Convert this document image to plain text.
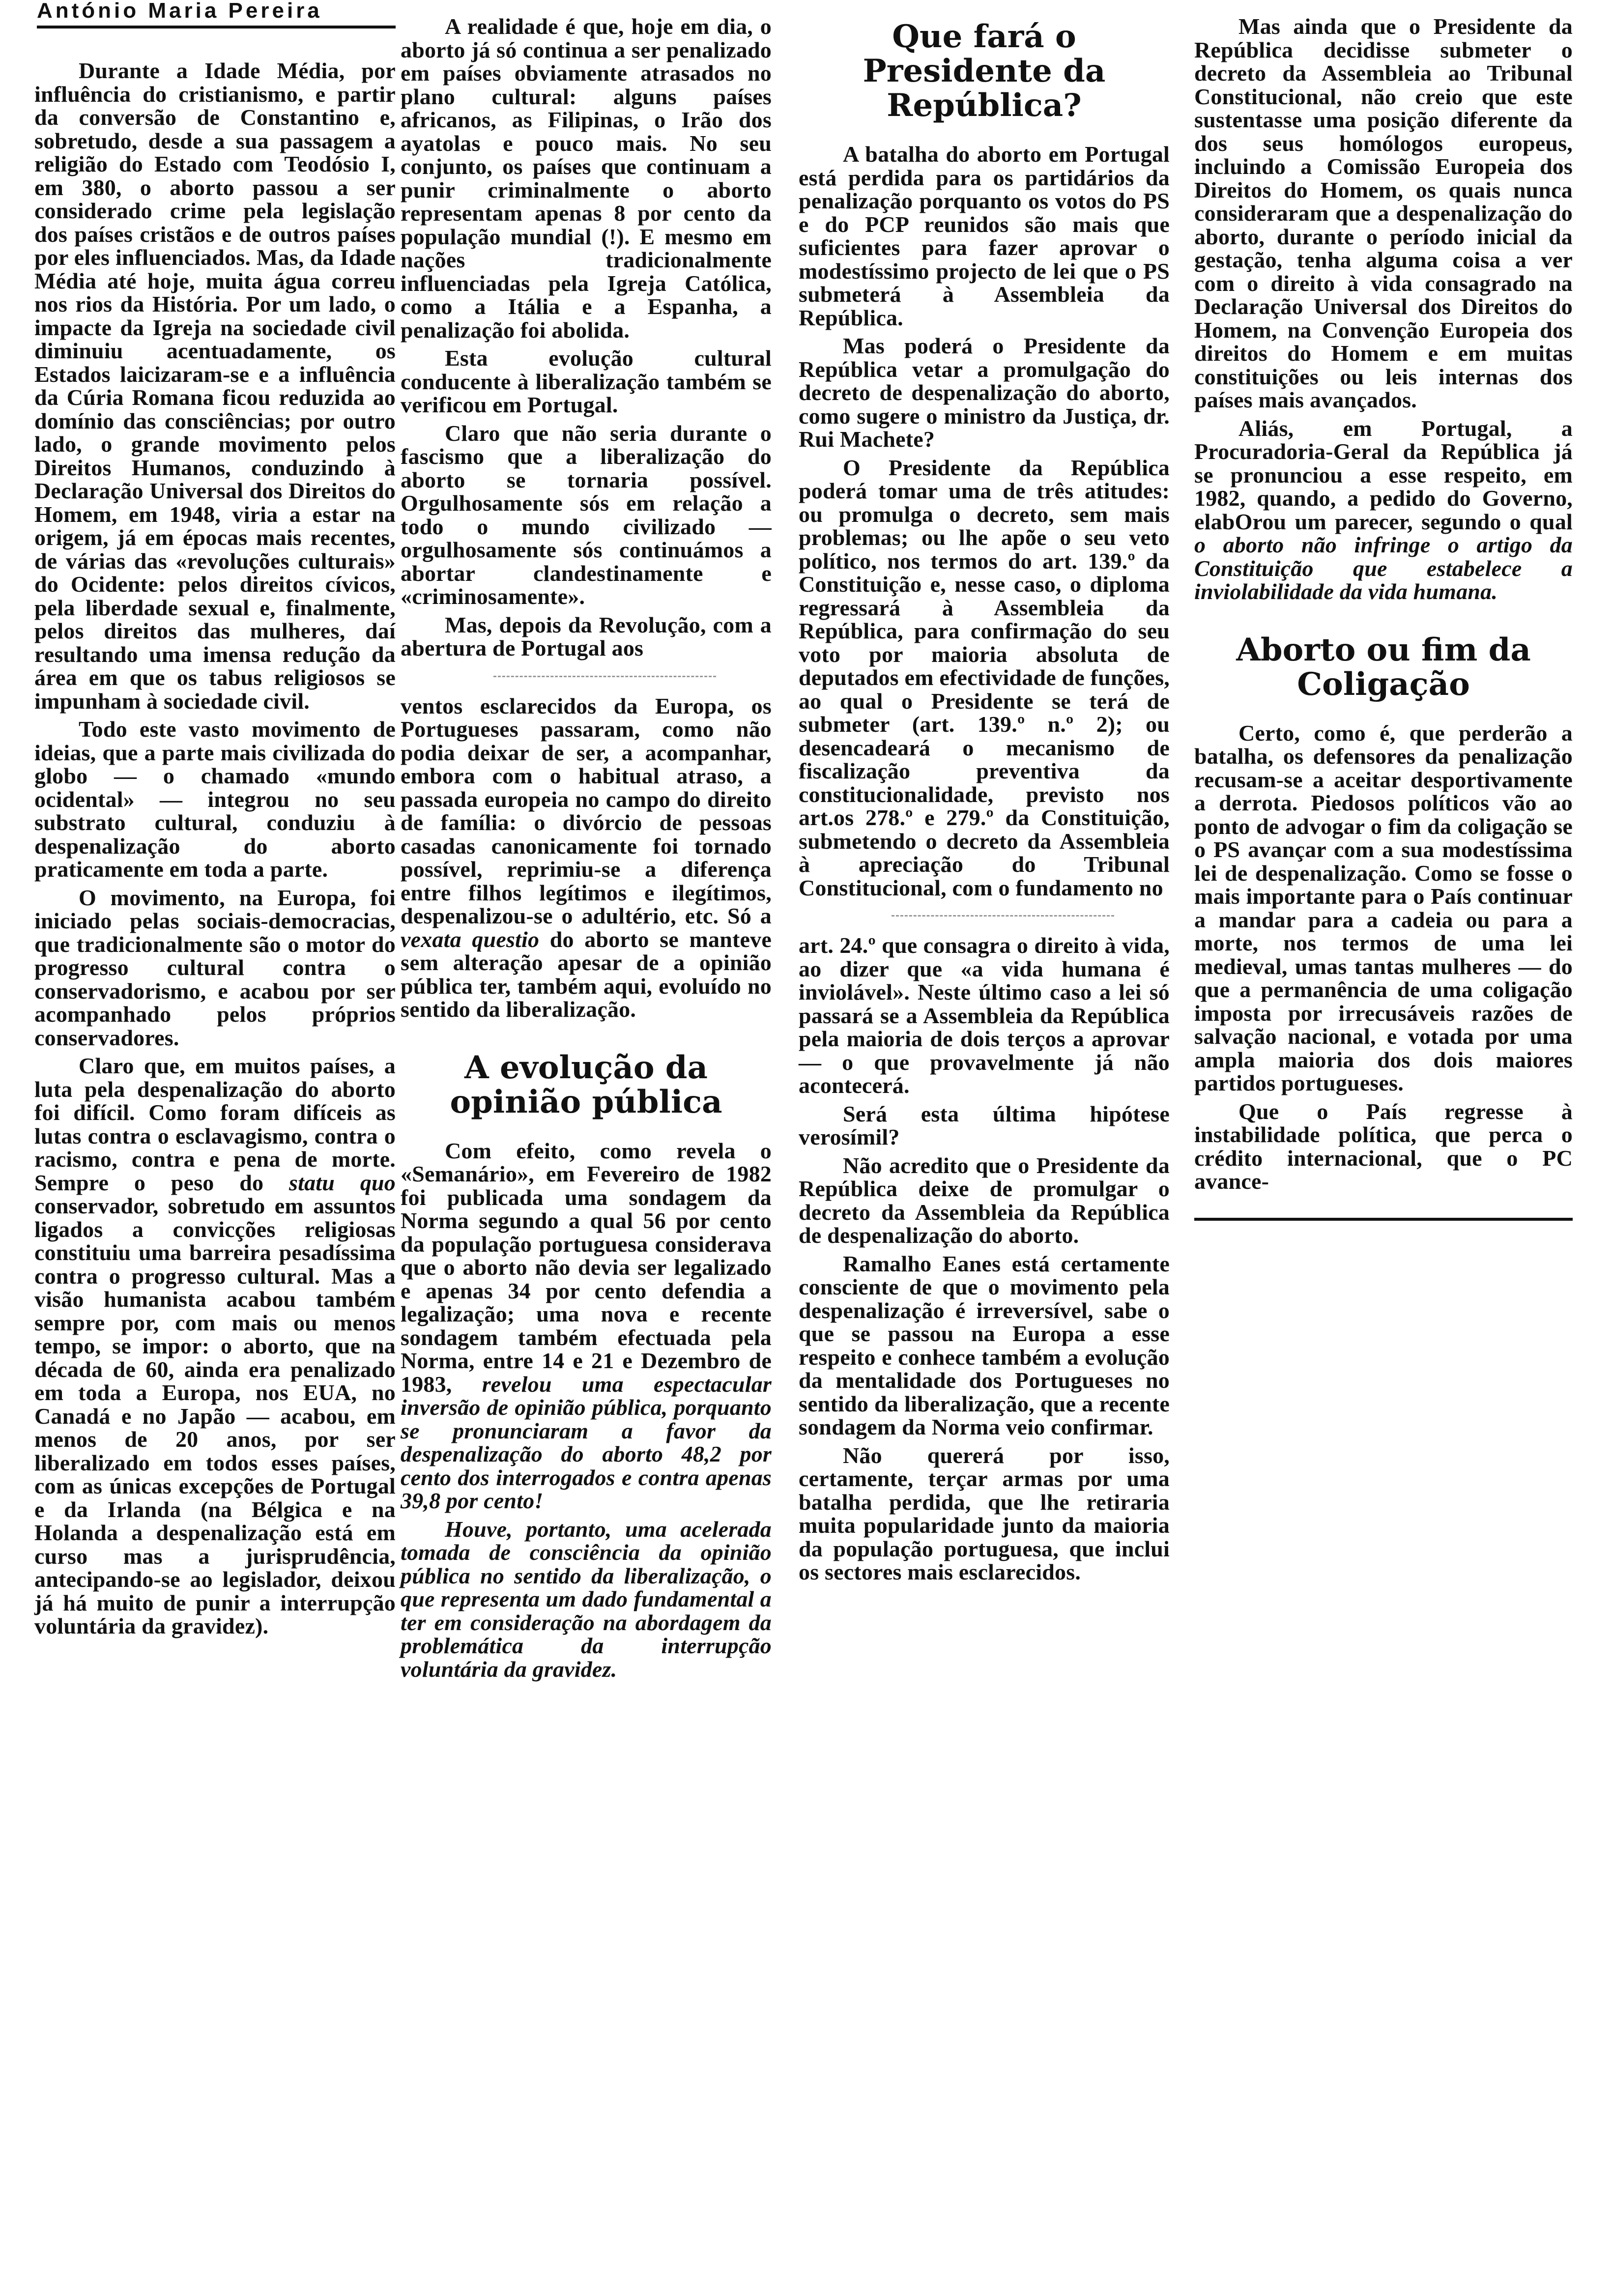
António Maria Pereira

Durante a Idade Média, por influência do cristianismo, e partir da conversão de Constantino e, sobretudo, desde a sua passagem a religião do Estado com Teodósio I, em 380, o aborto passou a ser considerado crime pela legislação dos países cristãos e de outros países por eles influenciados. Mas, da Idade Média até hoje, muita água correu nos rios da História. Por um lado, o impacte da Igreja na sociedade civil diminuiu acentuadamente, os Estados laicizaram-se e a influência da Cúria Romana ficou reduzida ao domínio das consciências; por outro lado, o grande movimento pelos Direitos Humanos, conduzindo à Declaração Universal dos Direitos do Homem, em 1948, viria a estar na origem, já em épocas mais recentes, de várias das «revoluções culturais» do Ocidente: pelos direitos cívicos, pela liberdade sexual e, finalmente, pelos direitos das mulheres, daí resultando uma imensa redução da área em que os tabus religiosos se impunham à sociedade civil.

Todo este vasto movimento de ideias, que a parte mais civilizada do globo — o chamado «mundo ocidental» — integrou no seu substrato cultural, conduziu à despenalização do aborto praticamente em toda a parte.

O movimento, na Europa, foi iniciado pelas sociais-democracias, que tradicionalmente são o motor do progresso cultural contra o conservadorismo, e acabou por ser acompanhado pelos próprios conservadores.

Claro que, em muitos países, a luta pela despenalização do aborto foi difícil. Como foram difíceis as lutas contra o esclavagismo, contra o racismo, contra e pena de morte. Sempre o peso do statu quo conservador, sobretudo em assuntos ligados a convicções religiosas constituiu uma barreira pesadíssima contra o progresso cultural. Mas a visão humanista acabou também sempre por, com mais ou menos tempo, se impor: o aborto, que na década de 60, ainda era penalizado em toda a Europa, nos EUA, no Canadá e no Japão — acabou, em menos de 20 anos, por ser liberalizado em todos esses países, com as únicas excepções de Portugal e da Irlanda (na Bélgica e na Holanda a despenalização está em curso mas a jurisprudência, antecipando-se ao legislador, deixou já há muito de punir a interrupção voluntária da gravidez).

A realidade é que, hoje em dia, o aborto já só continua a ser penalizado em países obviamente atrasados no plano cultural: alguns países africanos, as Filipinas, o Irão dos ayatolas e pouco mais. No seu conjunto, os países que continuam a punir criminalmente o aborto representam apenas 8 por cento da população mundial (!). E mesmo em nações tradicionalmente influenciadas pela Igreja Católica, como a Itália e a Espanha, a penalização foi abolida.

Esta evolução cultural conducente à liberalização também se verificou em Portugal.

Claro que não seria durante o fascismo que a liberalização do aborto se tornaria possível. Orgulhosamente sós em relação a todo o mundo civilizado — orgulhosamente sós continuámos a abortar clandestinamente e «criminosamente».

Mas, depois da Revolução, com a abertura de Portugal aos

ventos esclarecidos da Europa, os Portugueses passaram, como não podia deixar de ser, a acompanhar, embora com o habitual atraso, a passada europeia no campo do direito de família: o divórcio de pessoas casadas canonicamente foi tornado possível, reprimiu-se a diferença entre filhos legítimos e ilegítimos, despenalizou-se o adultério, etc. Só a vexata questio do aborto se manteve sem alteração apesar de a opinião pública ter, também aqui, evoluído no sentido da liberalização.

A evolução da opinião pública

Com efeito, como revela o «Semanário», em Fevereiro de 1982 foi publicada uma sondagem da Norma segundo a qual 56 por cento da população portuguesa considerava que o aborto não devia ser legalizado e apenas 34 por cento defendia a legalização; uma nova e recente sondagem também efectuada pela Norma, entre 14 e 21 e Dezembro de 1983, revelou uma espectacular inversão de opinião pública, porquanto se pronunciaram a favor da despenalização do aborto 48,2 por cento dos interrogados e contra apenas 39,8 por cento!

Houve, portanto, uma acelerada tomada de consciência da opinião pública no sentido da liberalização, o que representa um dado fundamental a ter em consideração na abordagem da problemática da interrupção voluntária da gravidez.

Que fará o Presidente da República?

A batalha do aborto em Portugal está perdida para os partidários da penalização porquanto os votos do PS e do PCP reunidos são mais que suficientes para fazer aprovar o modestíssimo projecto de lei que o PS submeterá à Assembleia da República.

Mas poderá o Presidente da República vetar a promulgação do decreto de despenalização do aborto, como sugere o ministro da Justiça, dr. Rui Machete?

O Presidente da República poderá tomar uma de três atitudes: ou promulga o decreto, sem mais problemas; ou lhe apõe o seu veto político, nos termos do art. 139.º da Constituição e, nesse caso, o diploma regressará à Assembleia da República, para confirmação do seu voto por maioria absoluta de deputados em efectividade de funções, ao qual o Presidente se terá de submeter (art. 139.º n.º 2); ou desencadeará o mecanismo de fiscalização preventiva da constitucionalidade, previsto nos art.os 278.º e 279.º da Constituição, submetendo o decreto da Assembleia à apreciação do Tribunal Constitucional, com o fundamento no

art. 24.º que consagra o direito à vida, ao dizer que «a vida humana é inviolável». Neste último caso a lei só passará se a Assembleia da República pela maioria de dois terços a aprovar — o que provavelmente já não acontecerá.

Será esta última hipótese verosímil?

Não acredito que o Presidente da República deixe de promulgar o decreto da Assembleia da República de despenalização do aborto.

Ramalho Eanes está certamente consciente de que o movimento pela despenalização é irreversível, sabe o que se passou na Europa a esse respeito e conhece também a evolução da mentalidade dos Portugueses no sentido da liberalização, que a recente sondagem da Norma veio confirmar.

Não quererá por isso, certamente, terçar armas por uma batalha perdida, que lhe retiraria muita popularidade junto da maioria da população portuguesa, que inclui os sectores mais esclarecidos.

Mas ainda que o Presidente da República decidisse submeter o decreto da Assembleia ao Tribunal Constitucional, não creio que este sustentasse uma posição diferente da dos seus homólogos europeus, incluindo a Comissão Europeia dos Direitos do Homem, os quais nunca consideraram que a despenalização do aborto, durante o período inicial da gestação, tenha alguma coisa a ver com o direito à vida consagrado na Declaração Universal dos Direitos do Homem, na Convenção Europeia dos direitos do Homem e em muitas constituições ou leis internas dos países mais avançados.

Aliás, em Portugal, a Procuradoria-Geral da República já se pronunciou a esse respeito, em 1982, quando, a pedido do Governo, elabOrou um parecer, segundo o qual o aborto não infringe o artigo da Constituição que estabelece a inviolabilidade da vida humana.

Aborto ou fim da Coligação

Certo, como é, que perderão a batalha, os defensores da penalização recusam-se a aceitar desportivamente a derrota. Piedosos políticos vão ao ponto de advogar o fim da coligação se o PS avançar com a sua modestíssima lei de despenalização. Como se fosse o mais importante para o País continuar a mandar para a cadeia ou para a morte, nos termos de uma lei medieval, umas tantas mulheres — do que a permanência de uma coligação imposta por irrecusáveis razões de salvação nacional, e votada por uma ampla maioria dos dois maiores partidos portugueses.

Que o País regresse à instabilidade política, que perca o crédito internacional, que o PC avance-
